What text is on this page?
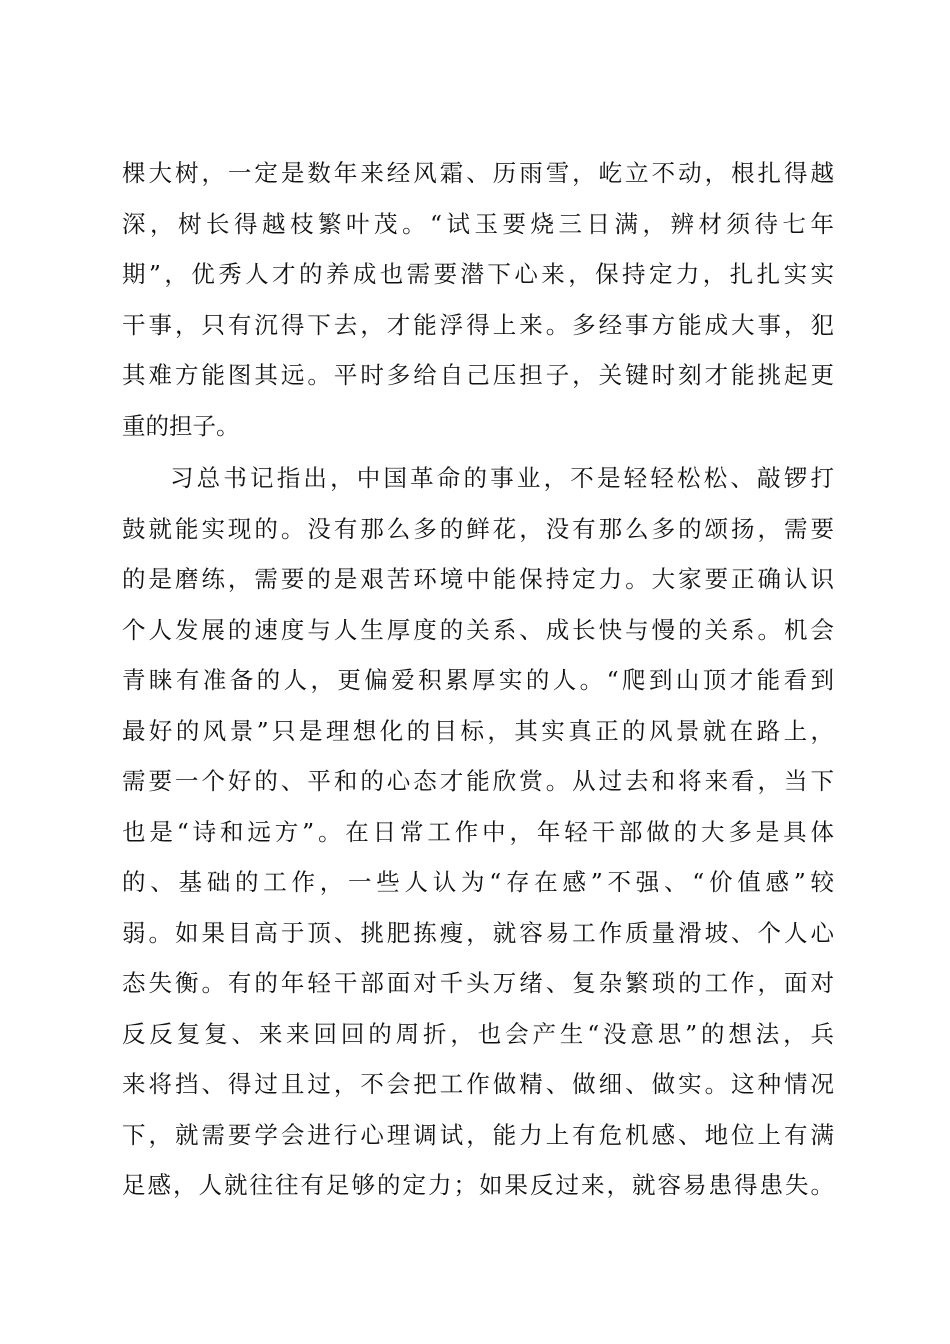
棵大树，一定是数年来经风霜、历雨雪，屹立不动，根扎得越
深，树长得越枝繁叶茂。“试玉要烧三日满，辨材须待七年
期”，优秀人才的养成也需要潜下心来，保持定力，扎扎实实
干事，只有沉得下去，才能浮得上来。多经事方能成大事，犯
其难方能图其远。平时多给自己压担子，关键时刻才能挑起更
重的担子。
习总书记指出，中国革命的事业，不是轻轻松松、敲锣打
鼓就能实现的。没有那么多的鲜花，没有那么多的颂扬，需要
的是磨练，需要的是艰苦环境中能保持定力。大家要正确认识
个人发展的速度与人生厚度的关系、成长快与慢的关系。机会
青睐有准备的人，更偏爱积累厚实的人。“爬到山顶才能看到
最好的风景”只是理想化的目标，其实真正的风景就在路上，
需要一个好的、平和的心态才能欣赏。从过去和将来看，当下
也是“诗和远方”。在日常工作中，年轻干部做的大多是具体
的、基础的工作，一些人认为“存在感”不强、“价值感”较
弱。如果目高于顶、挑肥拣瘦，就容易工作质量滑坡、个人心
态失衡。有的年轻干部面对千头万绪、复杂繁琐的工作，面对
反反复复、来来回回的周折，也会产生“没意思”的想法，兵
来将挡、得过且过，不会把工作做精、做细、做实。这种情况
下，就需要学会进行心理调试，能力上有危机感、地位上有满
足感，人就往往有足够的定力；如果反过来，就容易患得患失。
